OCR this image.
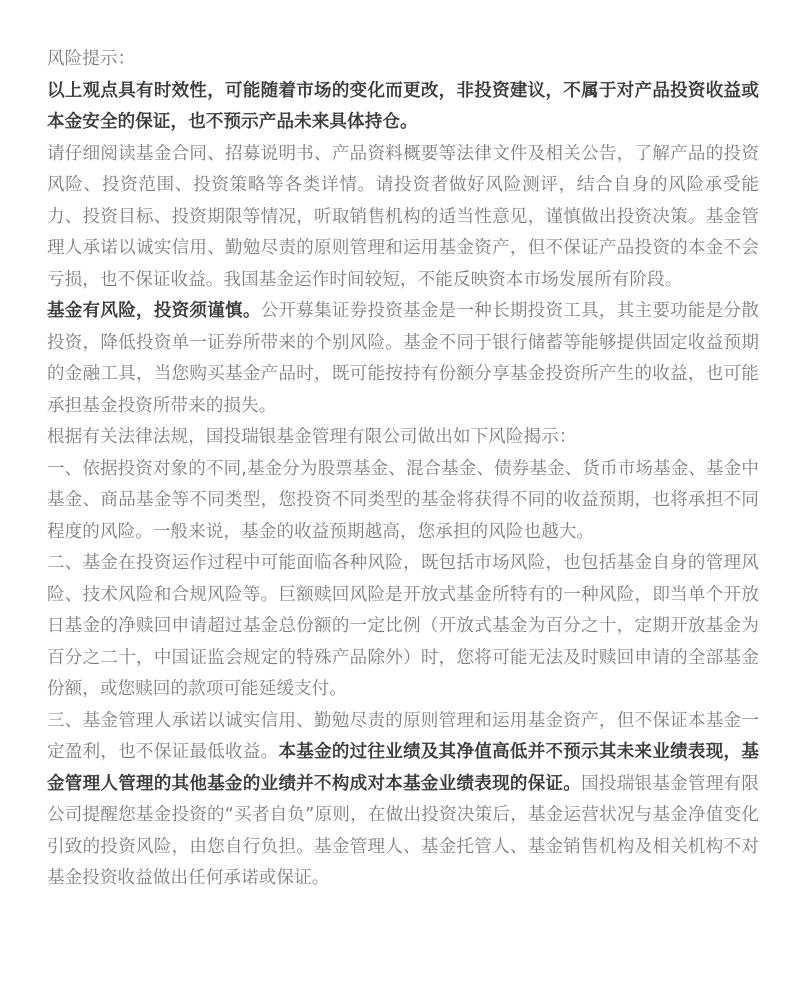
风险提示：

以上观点具有时效性，可能随着市场的变化而更改，非投资建议，不属于对产品投资收益或本金安全的保证，也不预示产品未来具体持仓。

请仔细阅读基金合同、招募说明书、产品资料概要等法律文件及相关公告，了解产品的投资风险、投资范围、投资策略等各类详情。请投资者做好风险测评，结合自身的风险承受能力、投资目标、投资期限等情况，听取销售机构的适当性意见，谨慎做出投资决策。基金管理人承诺以诚实信用、勤勉尽责的原则管理和运用基金资产，但不保证产品投资的本金不会亏损，也不保证收益。我国基金运作时间较短，不能反映资本市场发展所有阶段。

基金有风险，投资须谨慎。公开募集证券投资基金是一种长期投资工具，其主要功能是分散投资，降低投资单一证券所带来的个别风险。基金不同于银行储蓄等能够提供固定收益预期的金融工具，当您购买基金产品时，既可能按持有份额分享基金投资所产生的收益，也可能承担基金投资所带来的损失。

根据有关法律法规，国投瑞银基金管理有限公司做出如下风险揭示：

一、依据投资对象的不同,基金分为股票基金、混合基金、债券基金、货币市场基金、基金中基金、商品基金等不同类型，您投资不同类型的基金将获得不同的收益预期，也将承担不同程度的风险。一般来说，基金的收益预期越高，您承担的风险也越大。

二、基金在投资运作过程中可能面临各种风险，既包括市场风险，也包括基金自身的管理风险、技术风险和合规风险等。巨额赎回风险是开放式基金所特有的一种风险，即当单个开放日基金的净赎回申请超过基金总份额的一定比例（开放式基金为百分之十，定期开放基金为百分之二十，中国证监会规定的特殊产品除外）时，您将可能无法及时赎回申请的全部基金份额，或您赎回的款项可能延缓支付。

三、基金管理人承诺以诚实信用、勤勉尽责的原则管理和运用基金资产，但不保证本基金一定盈利，也不保证最低收益。本基金的过往业绩及其净值高低并不预示其未来业绩表现，基金管理人管理的其他基金的业绩并不构成对本基金业绩表现的保证。国投瑞银基金管理有限公司提醒您基金投资的“买者自负”原则，在做出投资决策后，基金运营状况与基金净值变化引致的投资风险，由您自行负担。基金管理人、基金托管人、基金销售机构及相关机构不对基金投资收益做出任何承诺或保证。
